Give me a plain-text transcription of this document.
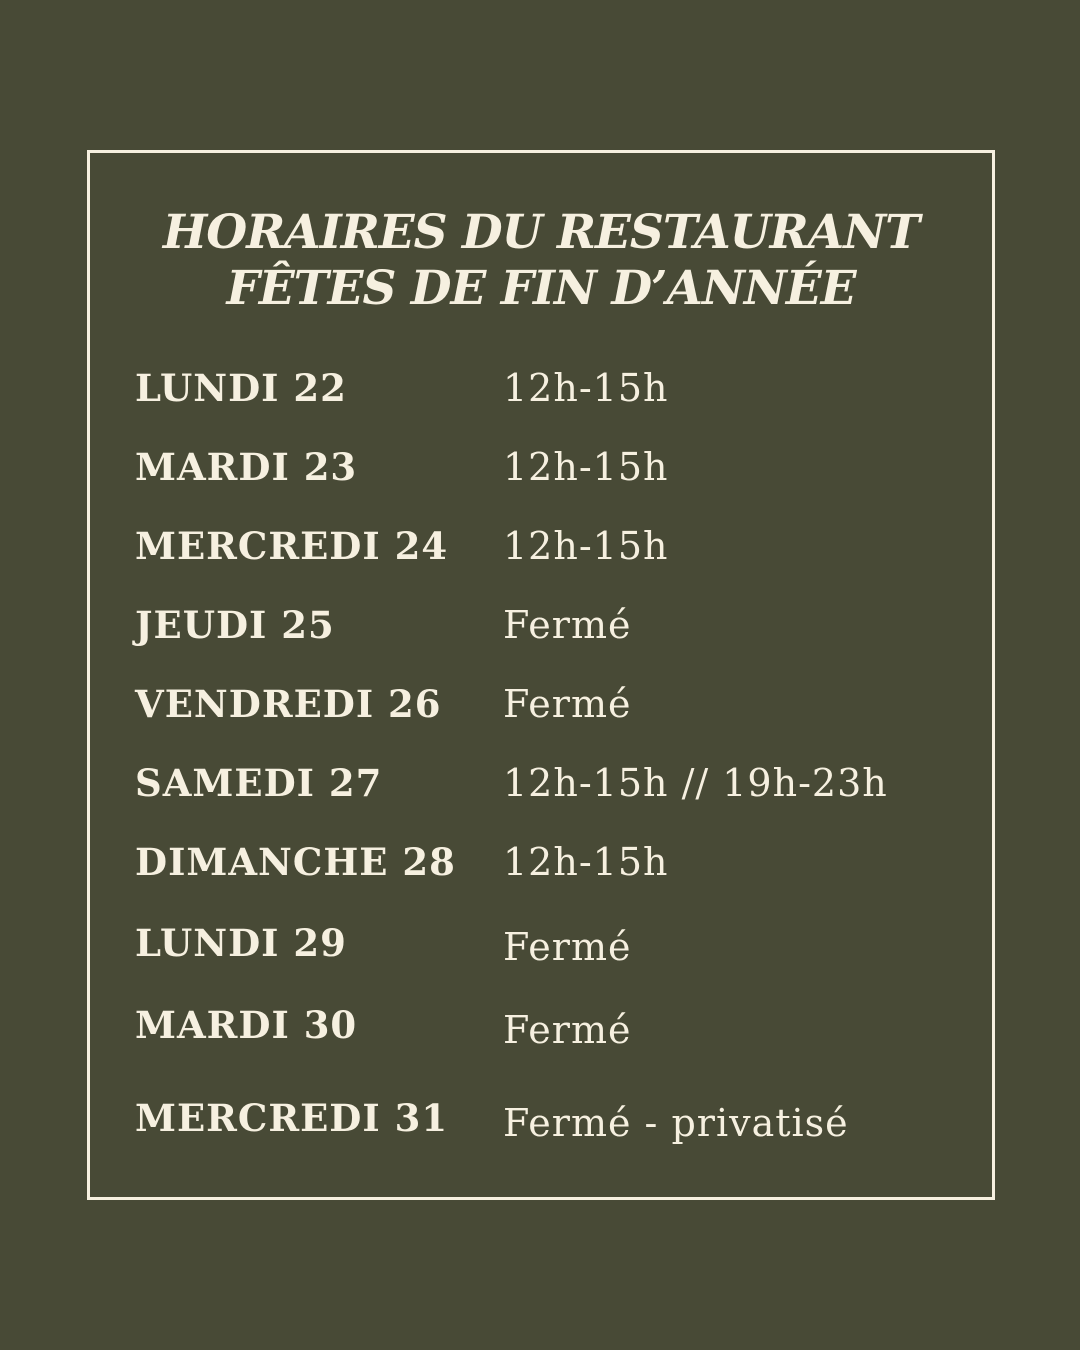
HORAIRES DU RESTAURANT
FÊTES DE FIN D’ANNÉE
LUNDI 22	12h-15h
MARDI 23	12h-15h
MERCREDI 24 12h-15h
JEUDI 25	Fermé
VENDREDI 26 Fermé
SAMEDI 27	12h-15h // 19h-23h
DIMANCHE 28 12h-15h
LUNDI 29	Fermé
MARDI 30	Fermé
MERCREDI 31 Fermé - privatisé
